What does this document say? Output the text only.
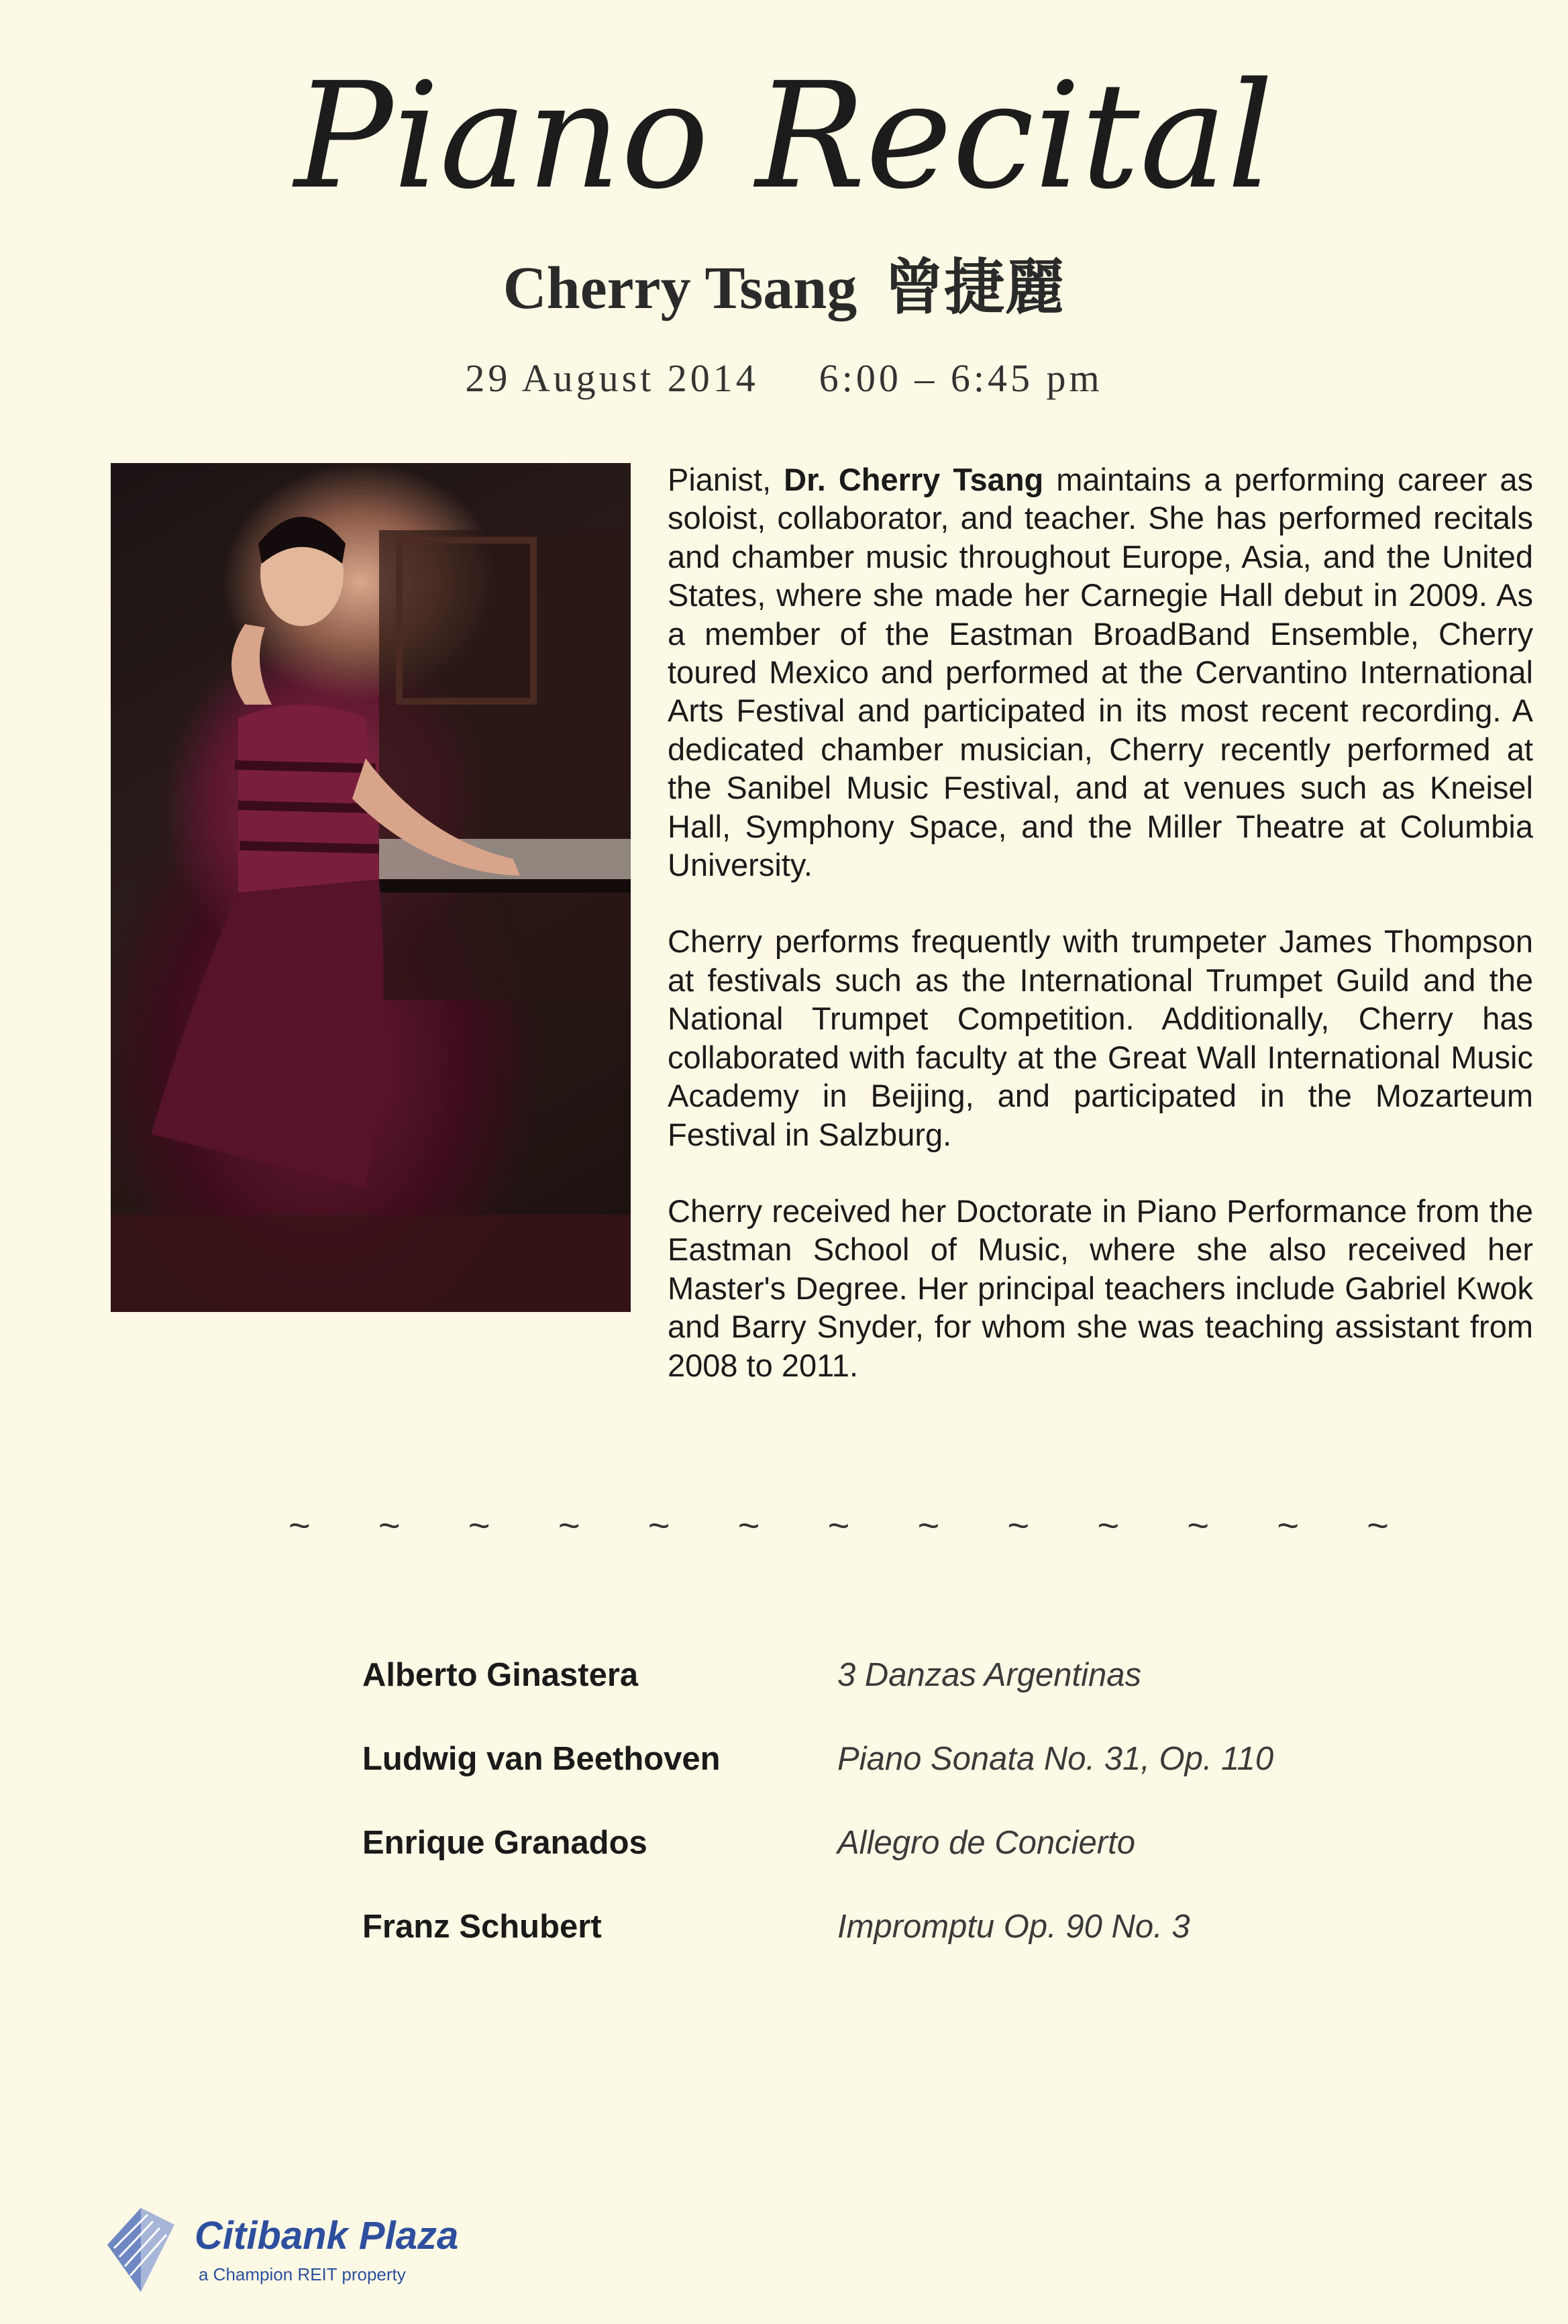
Piano Recital
Cherry Tsang 曾捷麗
29 August 2014 6:00 – 6:45 pm

Pianist, Dr. Cherry Tsang maintains a performing career as soloist, collaborator, and teacher. She has performed recitals and chamber music throughout Europe, Asia, and the United States, where she made her Carnegie Hall debut in 2009. As a member of the Eastman BroadBand Ensemble, Cherry toured Mexico and performed at the Cervantino International Arts Festival and participated in its most recent recording. A dedicated chamber musician, Cherry recently performed at the Sanibel Music Festival, and at venues such as Kneisel Hall, Symphony Space, and the Miller Theatre at Columbia University.

Cherry performs frequently with trumpeter James Thompson at festivals such as the International Trumpet Guild and the National Trumpet Competition. Additionally, Cherry has collaborated with faculty at the Great Wall International Music Academy in Beijing, and participated in the Mozarteum Festival in Salzburg.

Cherry received her Doctorate in Piano Performance from the Eastman School of Music, where she also received her Master's Degree. Her principal teachers include Gabriel Kwok and Barry Snyder, for whom she was teaching assistant from 2008 to 2011.

~ ~ ~ ~ ~ ~ ~ ~ ~ ~ ~ ~ ~
Alberto Ginastera	3 Danzas Argentinas
Ludwig van Beethoven	Piano Sonata No. 31, Op. 110
Enrique Granados	Allegro de Concierto
Franz Schubert	Impromptu Op. 90 No. 3
Citibank Plaza
a Champion REIT property
